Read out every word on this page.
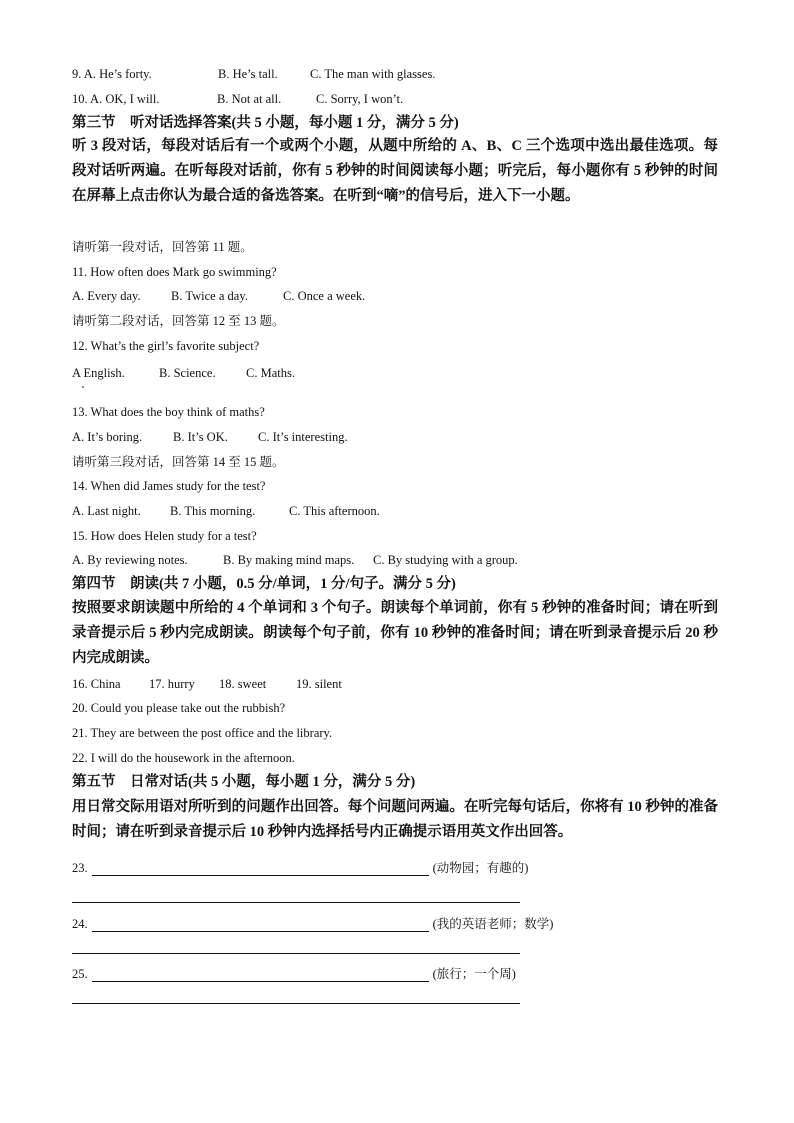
9. A. He’s forty.	B. He’s tall.	C. The man with glasses.
10. A. OK, I will.	B. Not at all.	C. Sorry, I won’t.
第三节　听对话选择答案(共 5 小题，每小题 1 分，满分 5 分)
听 3 段对话，每段对话后有一个或两个小题，从题中所给的 A、B、C 三个选项中选出最佳选项。每段对话听两遍。在听每段对话前，你有 5 秒钟的时间阅读每小题；听完后，每小题你有 5 秒钟的时间在屏幕上点击你认为最合适的备选答案。在听到“嘀”的信号后，进入下一小题。
请听第一段对话，回答第 11 题。
11. How often does Mark go swimming?
A. Every day. B. Twice a day.	C. Once a week.
请听第二段对话，回答第 12 至 13 题。
12. What’s the girl’s favorite subject?
A English.	B. Science. C. Maths.
13. What does the boy think of maths?
A. It’s boring. B. It’s OK. C. It’s interesting.
请听第三段对话，回答第 14 至 15 题。
14. When did James study for the test?
A. Last night. B. This morning.	C. This afternoon.
15. How does Helen study for a test?
A. By reviewing notes.	B. By making mind maps. C. By studying with a group.
第四节　朗读(共 7 小题，0.5 分/单词，1 分/句子。满分 5 分)
按照要求朗读题中所给的 4 个单词和 3 个句子。朗读每个单词前，你有 5 秒钟的准备时间；请在听到录音提示后 5 秒内完成朗读。朗读每个句子前，你有 10 秒钟的准备时间；请在听到录音提示后 20 秒内完成朗读。
16. China 17. hurry 18. sweet 19. silent
20. Could you please take out the rubbish?
21. They are between the post office and the library.
22. I will do the housework in the afternoon.
第五节　日常对话(共 5 小题，每小题 1 分，满分 5 分)
用日常交际用语对所听到的问题作出回答。每个问题问两遍。在听完每句话后，你将有 10 秒钟的准备时间；请在听到录音提示后 10 秒钟内选择括号内正确提示语用英文作出回答。
23.	(动物园；有趣的)
24.	(我的英语老师；数学)
25.	(旅行；一个周)
